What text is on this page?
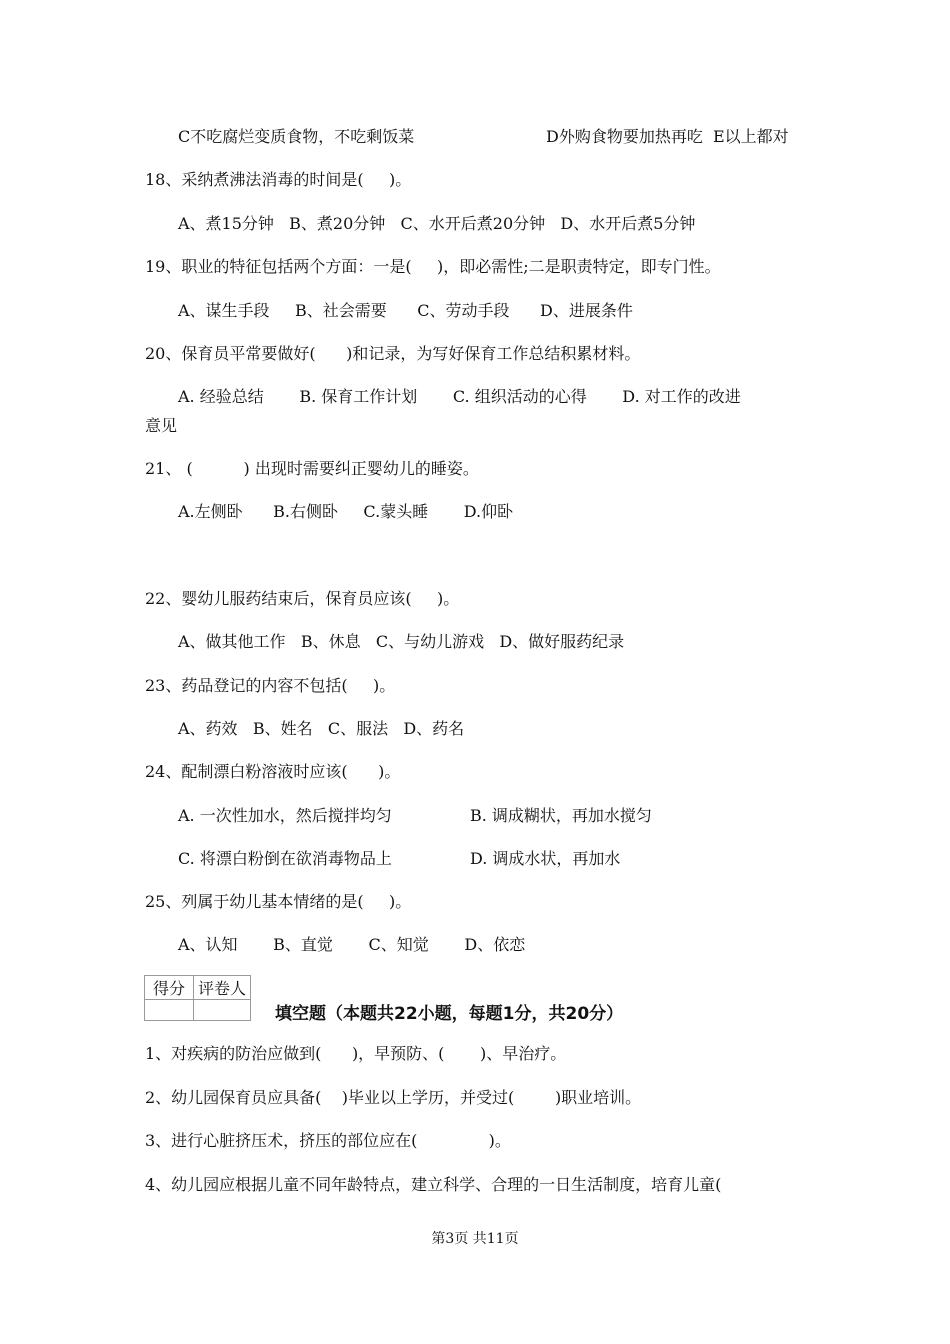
C不吃腐烂变质食物，不吃剩饭菜	D外购食物要加热再吃  E以上都对
18、采纳煮沸法消毒的时间是(     )。
A、煮15分钟   B、煮20分钟   C、水开后煮20分钟   D、水开后煮5分钟
19、职业的特征包括两个方面：一是(     )，即必需性;二是职责特定，即专门性。
A、谋生手段     B、社会需要      C、劳动手段      D、进展条件
20、保育员平常要做好(      )和记录，为写好保育工作总结积累材料。
A. 经验总结       B. 保育工作计划       C. 组织活动的心得       D. 对工作的改进
意见
21、 (          ) 出现时需要纠正婴幼儿的睡姿。
A.左侧卧      B.右侧卧     C.蒙头睡       D.仰卧
22、婴幼儿服药结束后，保育员应该(     )。
A、做其他工作   B、休息   C、与幼儿游戏   D、做好服药纪录
23、药品登记的内容不包括(     )。
A、药效   B、姓名   C、服法   D、药名
24、配制漂白粉溶液时应该(      )。
A. 一次性加水，然后搅拌均匀	B. 调成糊状，再加水搅匀
C. 将漂白粉倒在欲消毒物品上	D. 调成水状，再加水
25、列属于幼儿基本情绪的是(     )。
A、认知       B、直觉       C、知觉       D、依恋
得分	评卷人

填空题（本题共22小题，每题1分，共20分）
1、对疾病的防治应做到(      )，早预防、(       )、早治疗。
2、幼儿园保育员应具备(    )毕业以上学历，并受过(        )职业培训。
3、进行心脏挤压术，挤压的部位应在(              )。
4、幼儿园应根据儿童不同年龄特点，建立科学、合理的一日生活制度，培育儿童(
第3页 共11页
